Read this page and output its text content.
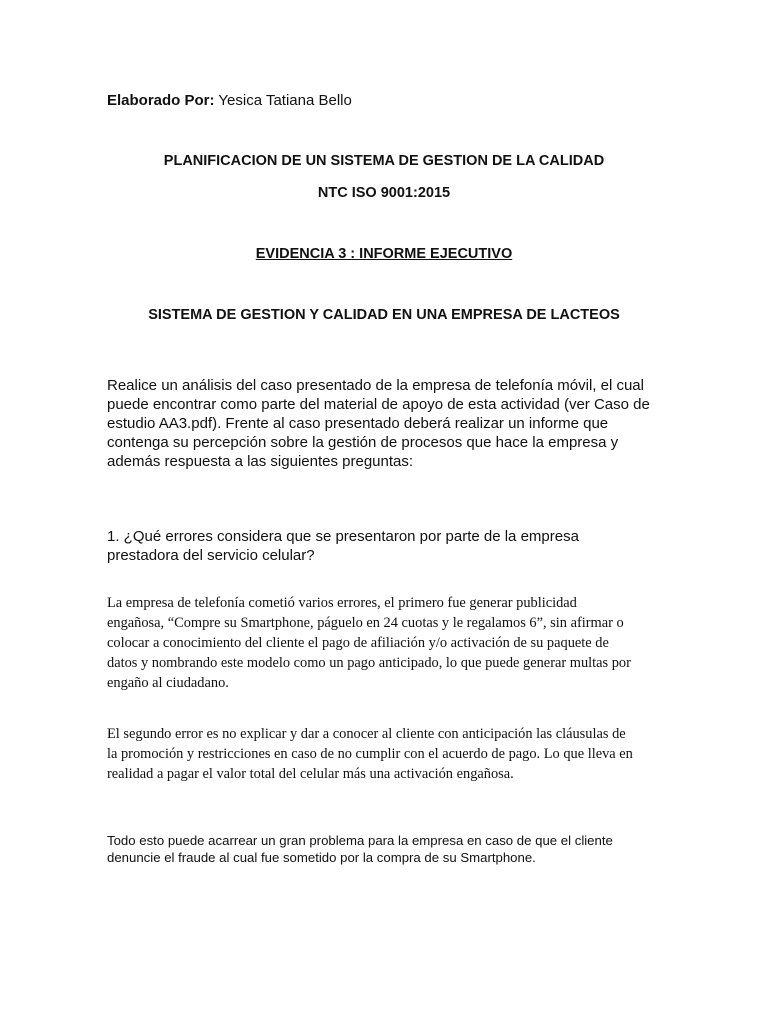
Elaborado Por: Yesica Tatiana Bello
PLANIFICACION DE UN SISTEMA DE GESTION DE LA CALIDAD
NTC ISO 9001:2015
EVIDENCIA 3 : INFORME EJECUTIVO
SISTEMA DE GESTION Y CALIDAD EN UNA EMPRESA DE LACTEOS
Realice un análisis del caso presentado de la empresa de telefonía móvil, el cual
puede encontrar como parte del material de apoyo de esta actividad (ver Caso de
estudio AA3.pdf). Frente al caso presentado deberá realizar un informe que
contenga su percepción sobre la gestión de procesos que hace la empresa y
además respuesta a las siguientes preguntas:
1. ¿Qué errores considera que se presentaron por parte de la empresa
prestadora del servicio celular?
La empresa de telefonía cometió varios errores, el primero fue generar publicidad
engañosa, “Compre su Smartphone, páguelo en 24 cuotas y le regalamos 6”, sin afirmar o
colocar a conocimiento del cliente el pago de afiliación y/o activación de su paquete de
datos y nombrando este modelo como un pago anticipado, lo que puede generar multas por
engaño al ciudadano.
El segundo error es no explicar y dar a conocer al cliente con anticipación las cláusulas de
la promoción y restricciones en caso de no cumplir con el acuerdo de pago. Lo que lleva en
realidad a pagar el valor total del celular más una activación engañosa.
Todo esto puede acarrear un gran problema para la empresa en caso de que el cliente
denuncie el fraude al cual fue sometido por la compra de su Smartphone.
